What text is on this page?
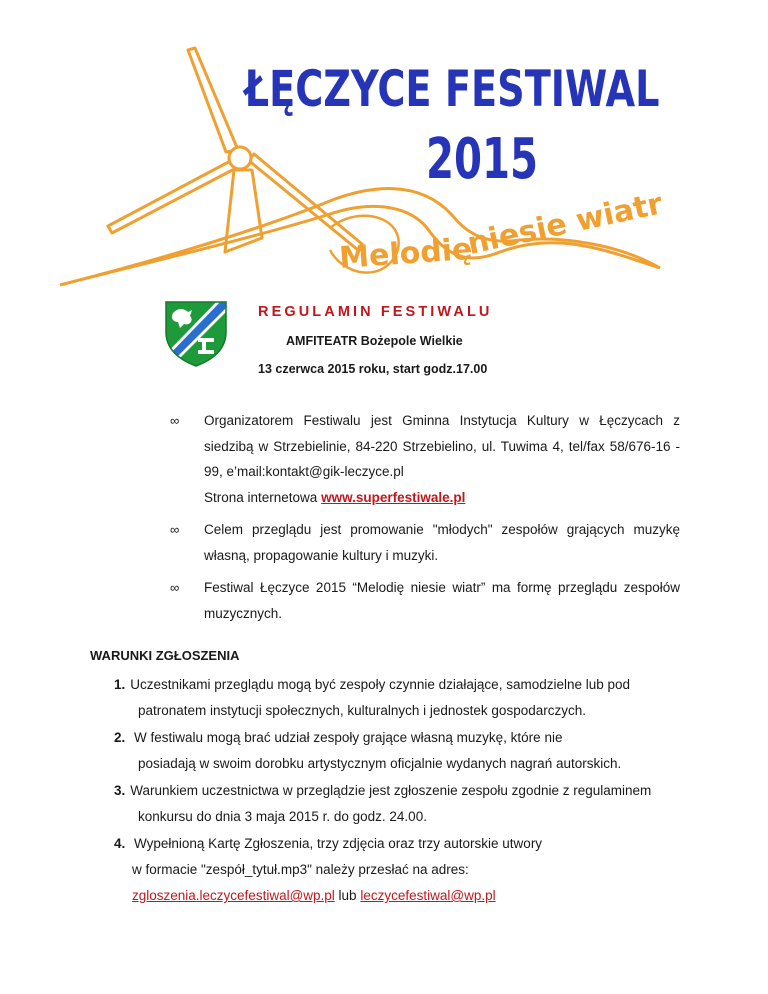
ŁĘCZYCE FESTIWAL
2015
Melodię
niesie wiatr
REGULAMIN FESTIWALU
AMFITEATR Bożepole Wielkie
13 czerwca 2015 roku, start godz.17.00
∞ Organizatorem Festiwalu jest Gminna Instytucja Kultury w Łęczycach z siedzibą w Strzebielinie, 84-220 Strzebielino, ul. Tuwima 4, tel/fax 58/676-16 - 99, e’mail:kontakt@gik-leczyce.pl
Strona internetowa www.superfestiwale.pl
∞ Celem przeglądu jest promowanie "młodych" zespołów grających muzykę własną, propagowanie kultury i muzyki.
∞ Festiwal Łęczyce 2015 “Melodię niesie wiatr” ma formę przeglądu zespołów muzycznych.
WARUNKI ZGŁOSZENIA
1. Uczestnikami przeglądu mogą być zespoły czynnie działające, samodzielne lub pod
patronatem instytucji społecznych, kulturalnych i jednostek gospodarczych.
2. W festiwalu mogą brać udział zespoły grające własną muzykę, które nie
posiadają w swoim dorobku artystycznym oficjalnie wydanych nagrań autorskich.
3. Warunkiem uczestnictwa w przeglądzie jest zgłoszenie zespołu zgodnie z regulaminem
konkursu do dnia 3 maja 2015 r. do godz. 24.00.
4. Wypełnioną Kartę Zgłoszenia, trzy zdjęcia oraz trzy autorskie utwory
w formacie "zespół_tytuł.mp3" należy przesłać na adres:
zgloszenia.leczycefestiwal@wp.pl lub leczycefestiwal@wp.pl
